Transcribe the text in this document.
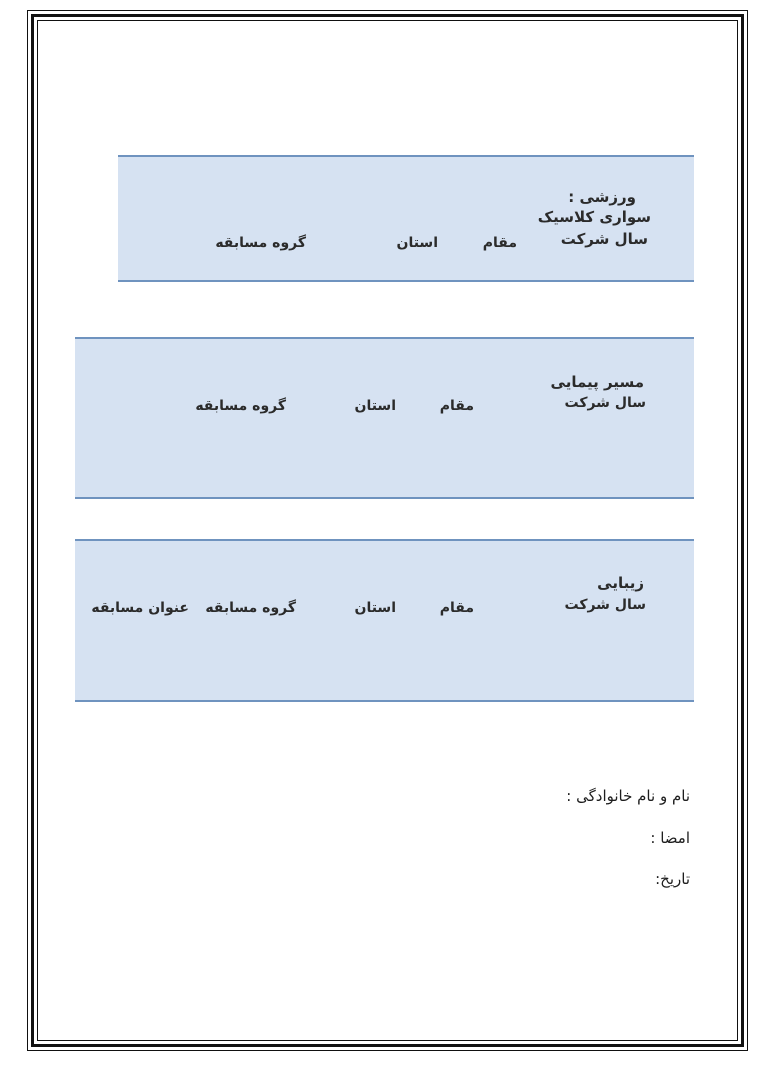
ورزشی :
سواری کلاسیک
سال شرکت
مقام
استان
گروه مسابقه
مسیر پیمایی
سال شرکت
مقام
استان
گروه مسابقه
زیبایی
سال شرکت
مقام
استان
گروه مسابقه
عنوان مسابقه
نام و نام خانوادگی :
امضا :
تاریخ:
